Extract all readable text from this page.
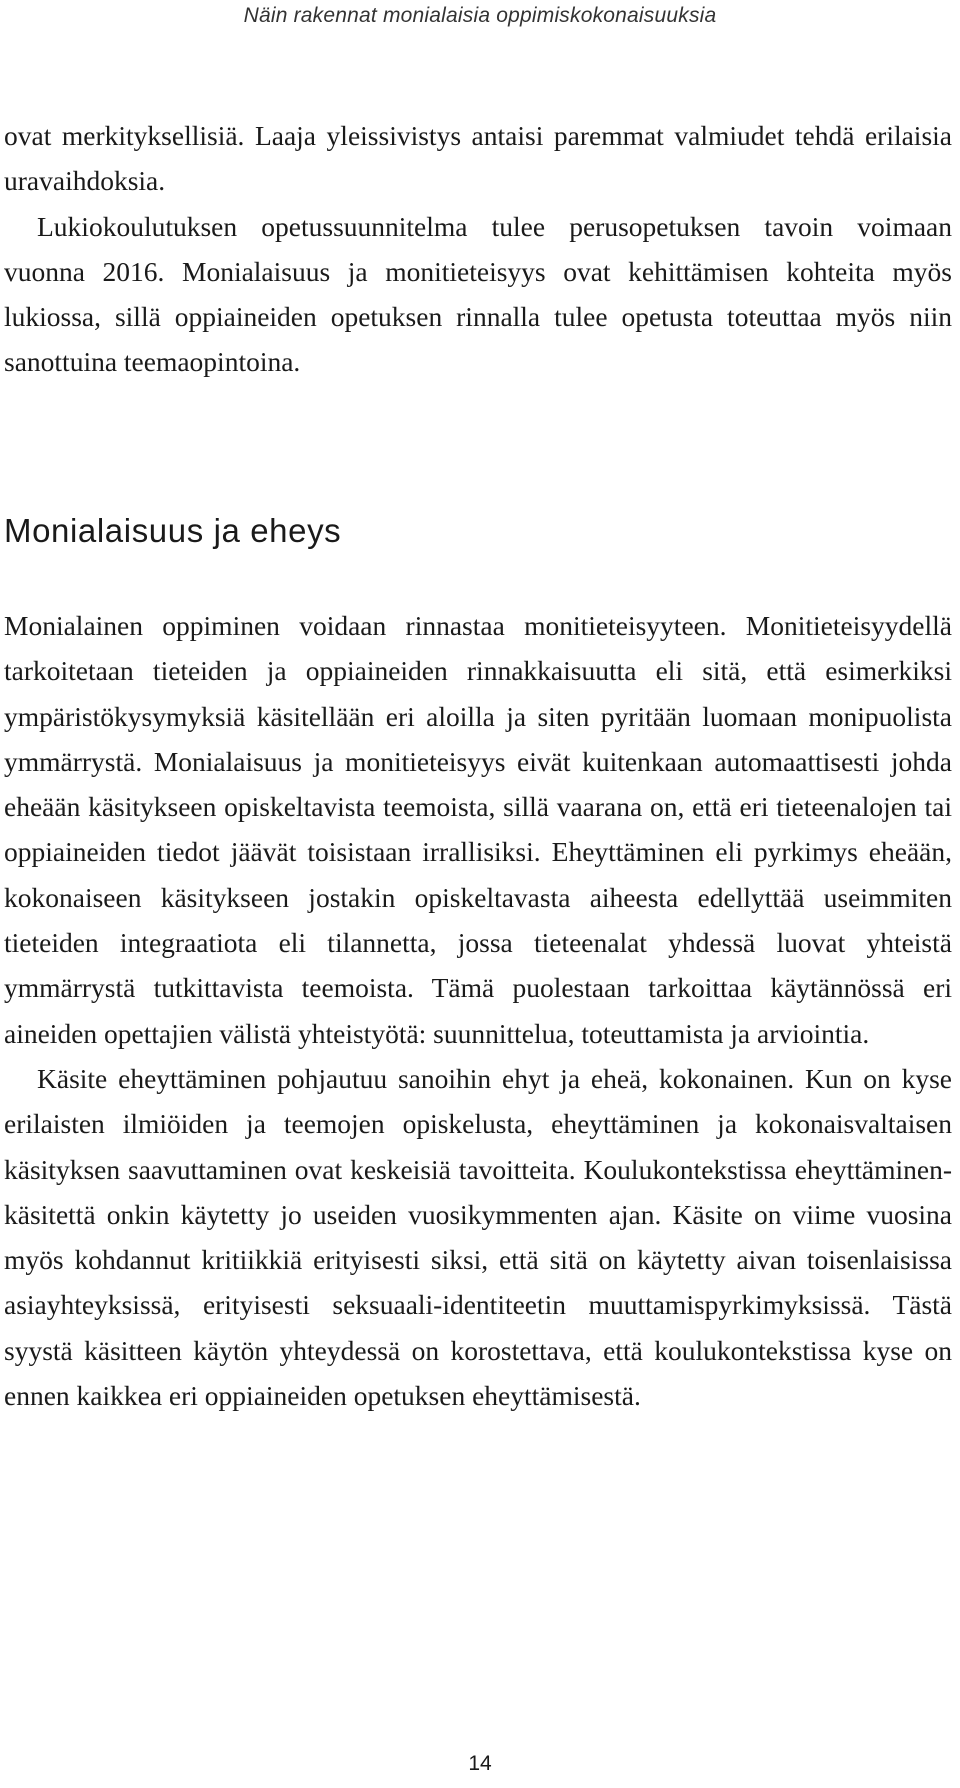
Näin rakennat monialaisia oppimiskokonaisuuksia

ovat merkityksellisiä. Laaja yleissivistys antaisi paremmat valmiudet tehdä erilaisia uravaihdoksia.

Lukiokoulutuksen opetussuunnitelma tulee perusopetuksen tavoin voimaan vuonna 2016. Monialaisuus ja monitieteisyys ovat kehittämisen kohteita myös lukiossa, sillä oppiaineiden opetuksen rinnalla tulee opetusta toteuttaa myös niin sanottuina teemaopintoina.

Monialaisuus ja eheys

Monialainen oppiminen voidaan rinnastaa monitieteisyyteen. Monitieteisyydellä tarkoitetaan tieteiden ja oppiaineiden rinnakkaisuutta eli sitä, että esimerkiksi ympäristökysymyksiä käsitellään eri aloilla ja siten pyritään luomaan monipuolista ymmärrystä. Monialaisuus ja monitieteisyys eivät kuitenkaan automaattisesti johda eheään käsitykseen opiskeltavista teemoista, sillä vaarana on, että eri tieteenalojen tai oppiaineiden tiedot jäävät toisistaan irrallisiksi. Eheyttäminen eli pyrkimys eheään, kokonaiseen käsitykseen jostakin opiskeltavasta aiheesta edellyttää useimmiten tieteiden integraatiota eli tilannetta, jossa tieteenalat yhdessä luovat yhteistä ymmärrystä tutkittavista teemoista. Tämä puolestaan tarkoittaa käytännössä eri aineiden opettajien välistä yhteistyötä: suunnittelua, toteuttamista ja arviointia.

Käsite eheyttäminen pohjautuu sanoihin ehyt ja eheä, kokonainen. Kun on kyse erilaisten ilmiöiden ja teemojen opiskelusta, eheyttäminen ja kokonaisvaltaisen käsityksen saavuttaminen ovat keskeisiä tavoitteita. Koulukontekstissa eheyttäminen-käsitettä onkin käytetty jo useiden vuosikymmenten ajan. Käsite on viime vuosina myös kohdannut kritiikkiä erityisesti siksi, että sitä on käytetty aivan toisenlaisissa asiayhteyksissä, erityisesti seksuaali-identiteetin muuttamispyrkimyksissä. Tästä syystä käsitteen käytön yhteydessä on korostettava, että koulukontekstissa kyse on ennen kaikkea eri oppiaineiden opetuksen eheyttämisestä.

14
